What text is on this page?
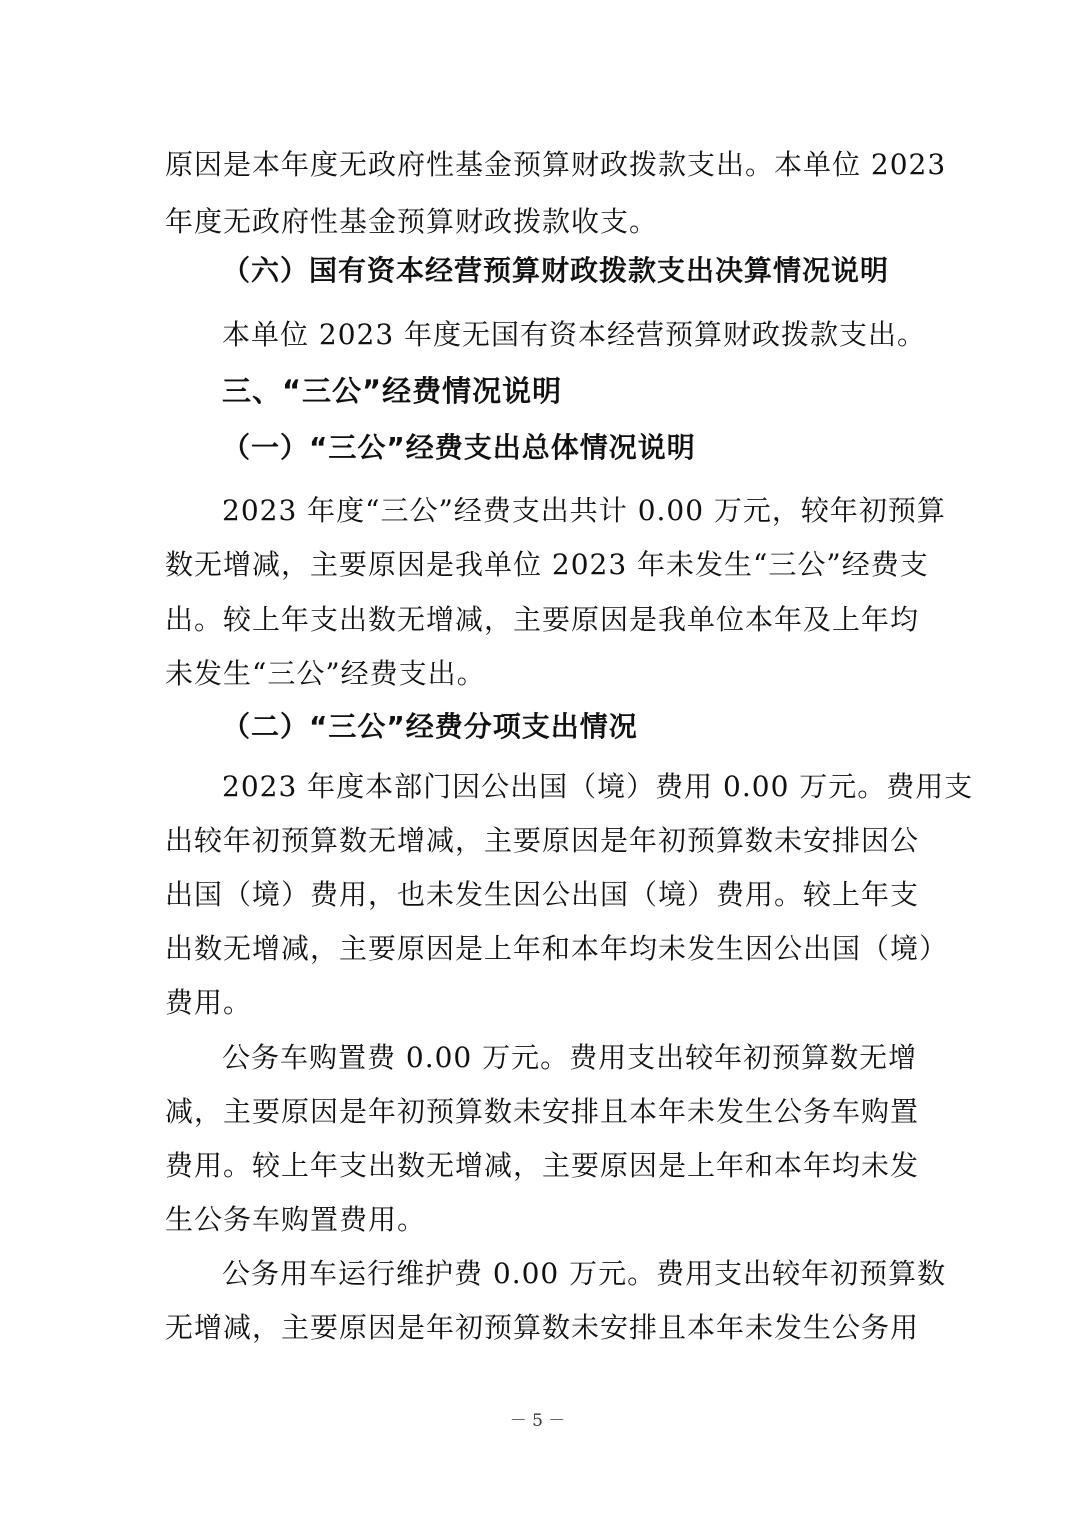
原因是本年度无政府性基金预算财政拨款支出。本单位 2023
年度无政府性基金预算财政拨款收支。
（六）国有资本经营预算财政拨款支出决算情况说明
本单位 2023 年度无国有资本经营预算财政拨款支出。
三、“三公”经费情况说明
（一）“三公”经费支出总体情况说明
2023 年度“三公”经费支出共计 0.00 万元，较年初预算
数无增减，主要原因是我单位 2023 年未发生“三公”经费支
出。较上年支出数无增减，主要原因是我单位本年及上年均
未发生“三公”经费支出。
（二）“三公”经费分项支出情况
2023 年度本部门因公出国（境）费用 0.00 万元。费用支
出较年初预算数无增减，主要原因是年初预算数未安排因公
出国（境）费用，也未发生因公出国（境）费用。较上年支
出数无增减，主要原因是上年和本年均未发生因公出国（境）
费用。
公务车购置费 0.00 万元。费用支出较年初预算数无增
减，主要原因是年初预算数未安排且本年未发生公务车购置
费用。较上年支出数无增减，主要原因是上年和本年均未发
生公务车购置费用。
公务用车运行维护费 0.00 万元。费用支出较年初预算数
无增减，主要原因是年初预算数未安排且本年未发生公务用
－ 5 －
